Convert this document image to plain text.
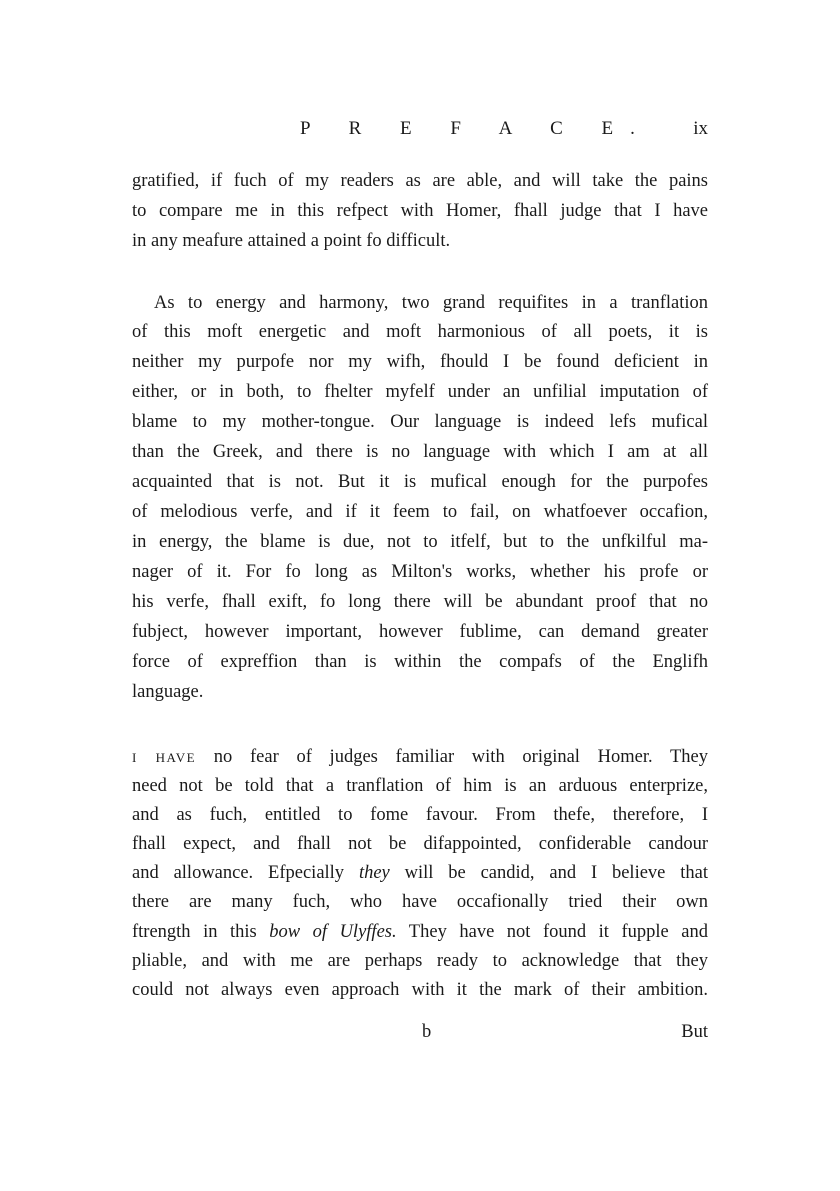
P R E F A C E. ix
gratified, if fuch of my readers as are able, and will take the pains
to compare me in this refpect with Homer, fhall judge that I have
in any meafure attained a point fo difficult.
As to energy and harmony, two grand requifites in a tranflation
of this moft energetic and moft harmonious of all poets, it is
neither my purpofe nor my wifh, fhould I be found deficient in
either, or in both, to fhelter myfelf under an unfilial imputation of
blame to my mother-tongue. Our language is indeed lefs mufical
than the Greek, and there is no language with which I am at all
acquainted that is not. But it is mufical enough for the purpofes
of melodious verfe, and if it feem to fail, on whatfoever occafion,
in energy, the blame is due, not to itfelf, but to the unfkilful ma-
nager of it. For fo long as Milton's works, whether his profe or
his verfe, fhall exift, fo long there will be abundant proof that no
fubject, however important, however fublime, can demand greater
force of expreffion than is within the compafs of the Englifh
language.
I HAVE no fear of judges familiar with original Homer. They
need not be told that a tranflation of him is an arduous enterprize,
and as fuch, entitled to fome favour. From thefe, therefore, I
fhall expect, and fhall not be difappointed, confiderable candour
and allowance. Efpecially they will be candid, and I believe that
there are many fuch, who have occafionally tried their own
ftrength in this bow of Ulyffes. They have not found it fupple and
pliable, and with me are perhaps ready to acknowledge that they
could not always even approach with it the mark of their ambition.
b	But
